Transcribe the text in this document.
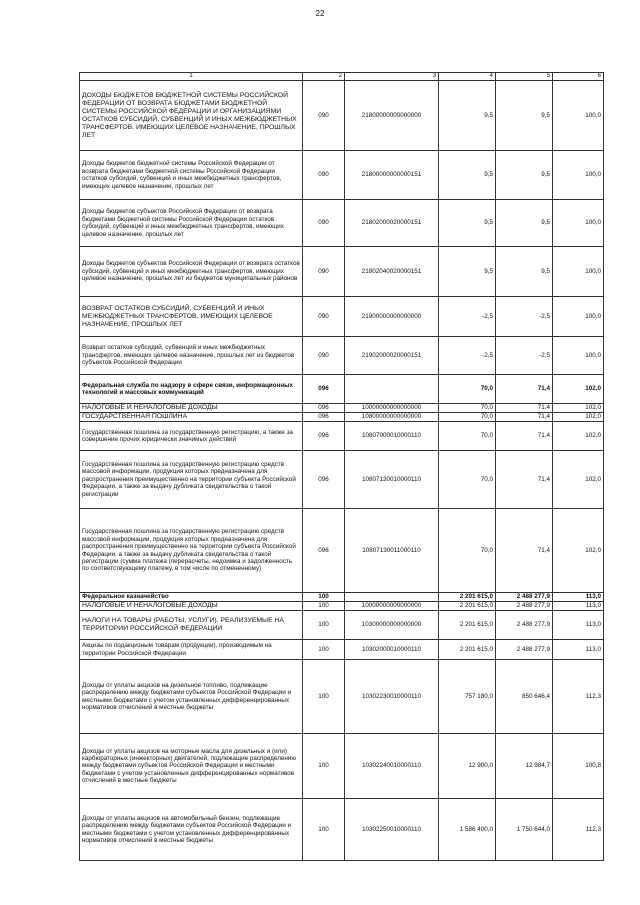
22
1	2	3	4	5	6
ДОХОДЫ БЮДЖЕТОВ БЮДЖЕТНОЙ СИСТЕМЫ РОССИЙСКОЙ ФЕДЕРАЦИИ ОТ ВОЗВРАТА БЮДЖЕТАМИ БЮДЖЕТНОЙ СИСТЕМЫ РОССИЙСКОЙ ФЕДЕРАЦИИ И ОРГАНИЗАЦИЯМИ ОСТАТКОВ СУБСИДИЙ, СУБВЕНЦИЙ И ИНЫХ МЕЖБЮДЖЕТНЫХ ТРАНСФЕРТОВ, ИМЕЮЩИХ ЦЕЛЕВОЕ НАЗНАЧЕНИЕ, ПРОШЛЫХ ЛЕТ	090	21800000000000000	9,5	9,5	100,0
Доходы бюджетов бюджетной системы Российской Федерации от возврата бюджетами бюджетной системы Российской Федерации остатков субсидий, субвенций и иных межбюджетных трансфертов, имеющих целевое назначение, прошлых лет	090	21800000000000151	9,5	9,5	100,0
Доходы бюджетов субъектов Российской Федерации от возврата бюджетами бюджетной системы Российской Федерации остатков субсидий, субвенций и иных межбюджетных трансфертов, имеющих целевое назначение, прошлых лет	090	21802000020000151	9,5	9,5	100,0
Доходы бюджетов субъектов Российской Федерации от возврата остатков субсидий, субвенций и иных межбюджетных трансфертов, имеющих целевое назначение, прошлых лет из бюджетов муниципальных районов	090	21802040020000151	9,5	9,5	100,0
ВОЗВРАТ ОСТАТКОВ СУБСИДИЙ, СУБВЕНЦИЙ И ИНЫХ МЕЖБЮДЖЕТНЫХ ТРАНСФЕРТОВ, ИМЕЮЩИХ ЦЕЛЕВОЕ НАЗНАЧЕНИЕ, ПРОШЛЫХ ЛЕТ	090	21900000000000000	-2,5	-2,5	100,0
Возврат остатков субсидий, субвенций и иных межбюджетных трансфертов, имеющих целевое назначение, прошлых лет из бюджетов субъектов Российской Федерации	090	21902000020000151	-2,5	-2,5	100,0
Федеральная служба по надзору в сфере связи, информационных технологий и массовых коммуникаций	096		70,0	71,4	102,0
НАЛОГОВЫЕ И НЕНАЛОГОВЫЕ ДОХОДЫ	096	10000000000000000	70,0	71,4	102,0
ГОСУДАРСТВЕННАЯ ПОШЛИНА	096	10800000000000000	70,0	71,4	102,0
Государственная пошлина за государственную регистрацию, а также за совершение прочих юридически значимых действий	096	10807000010000110	70,0	71,4	102,0
Государственная пошлина за государственную регистрацию средств массовой информации, продукция которых предназначена для распространения преимущественно на территории субъекта Российской Федерации, а также за выдачу дубликата свидетельства о такой регистрации	096	10807130010000110	70,0	71,4	102,0
Государственная пошлина за государственную регистрацию средств массовой информации, продукция которых предназначена для распространения преимущественно на территории субъекта Российской Федерации, а также за выдачу дубликата свидетельства о такой регистрации (сумма платежа (перерасчеты, недоимка и задолженность по соответствующему платежу, в том числе по отмененному)	096	10807130011000110	70,0	71,4	102,0
Федеральное казначейство	100		2 201 615,0	2 488 277,9	113,0
НАЛОГОВЫЕ И НЕНАЛОГОВЫЕ ДОХОДЫ	100	10000000000000000	2 201 615,0	2 488 277,9	113,0
НАЛОГИ НА ТОВАРЫ (РАБОТЫ, УСЛУГИ), РЕАЛИЗУЕМЫЕ НА ТЕРРИТОРИИ РОССИЙСКОЙ ФЕДЕРАЦИИ	100	10300000000000000	2 201 615,0	2 488 277,9	113,0
Акцизы по подакцизным товарам (продукции), производимым на территории Российской Федерации	100	10302000010000110	2 201 615,0	2 488 277,9	113,0
Доходы от уплаты акцизов на дизельное топливо, подлежащие распределению между бюджетами субъектов Российской Федерации и местными бюджетами с учетом установленных дифференцированных нормативов отчислений в местные бюджеты	100	10302230010000110	757 180,0	850 646,4	112,3
Доходы от уплаты акцизов на моторные масла для дизельных и (или) карбюраторных (инжекторных) двигателей, подлежащие распределению между бюджетами субъектов Российской Федерации и местными бюджетами с учетом установленных дифференцированных нормативов отчислений в местные бюджеты	100	10302240010000110	12 900,0	12 984,7	100,8
Доходы от уплаты акцизов на автомобильный бензин, подлежащие распределению между бюджетами субъектов Российской Федерации и местными бюджетами с учетом установленных дифференцированных нормативов отчислений в местные бюджеты	100	10302250010000110	1 586 400,0	1 750 644,0	112,3
